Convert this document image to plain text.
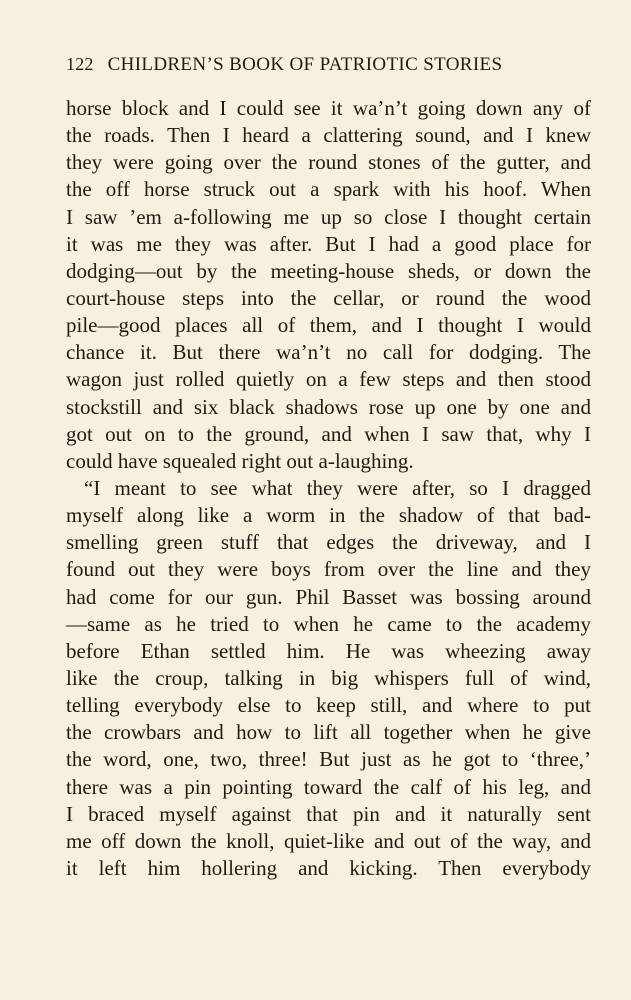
122 CHILDREN’S BOOK OF PATRIOTIC STORIES
horse block and I could see it wa’n’t going down any of
the roads. Then I heard a clattering sound, and I knew
they were going over the round stones of the gutter, and
the off horse struck out a spark with his hoof. When
I saw ’em a-following me up so close I thought certain
it was me they was after. But I had a good place for
dodging—out by the meeting-house sheds, or down the
court-house steps into the cellar, or round the wood
pile—good places all of them, and I thought I would
chance it. But there wa’n’t no call for dodging. The
wagon just rolled quietly on a few steps and then stood
stockstill and six black shadows rose up one by one and
got out on to the ground, and when I saw that, why I
could have squealed right out a-laughing.
“I meant to see what they were after, so I dragged
myself along like a worm in the shadow of that bad-
smelling green stuff that edges the driveway, and I
found out they were boys from over the line and they
had come for our gun. Phil Basset was bossing around
—same as he tried to when he came to the academy
before Ethan settled him. He was wheezing away
like the croup, talking in big whispers full of wind,
telling everybody else to keep still, and where to put
the crowbars and how to lift all together when he give
the word, one, two, three! But just as he got to ‘three,’
there was a pin pointing toward the calf of his leg, and
I braced myself against that pin and it naturally sent
me off down the knoll, quiet-like and out of the way, and
it left him hollering and kicking. Then everybody
